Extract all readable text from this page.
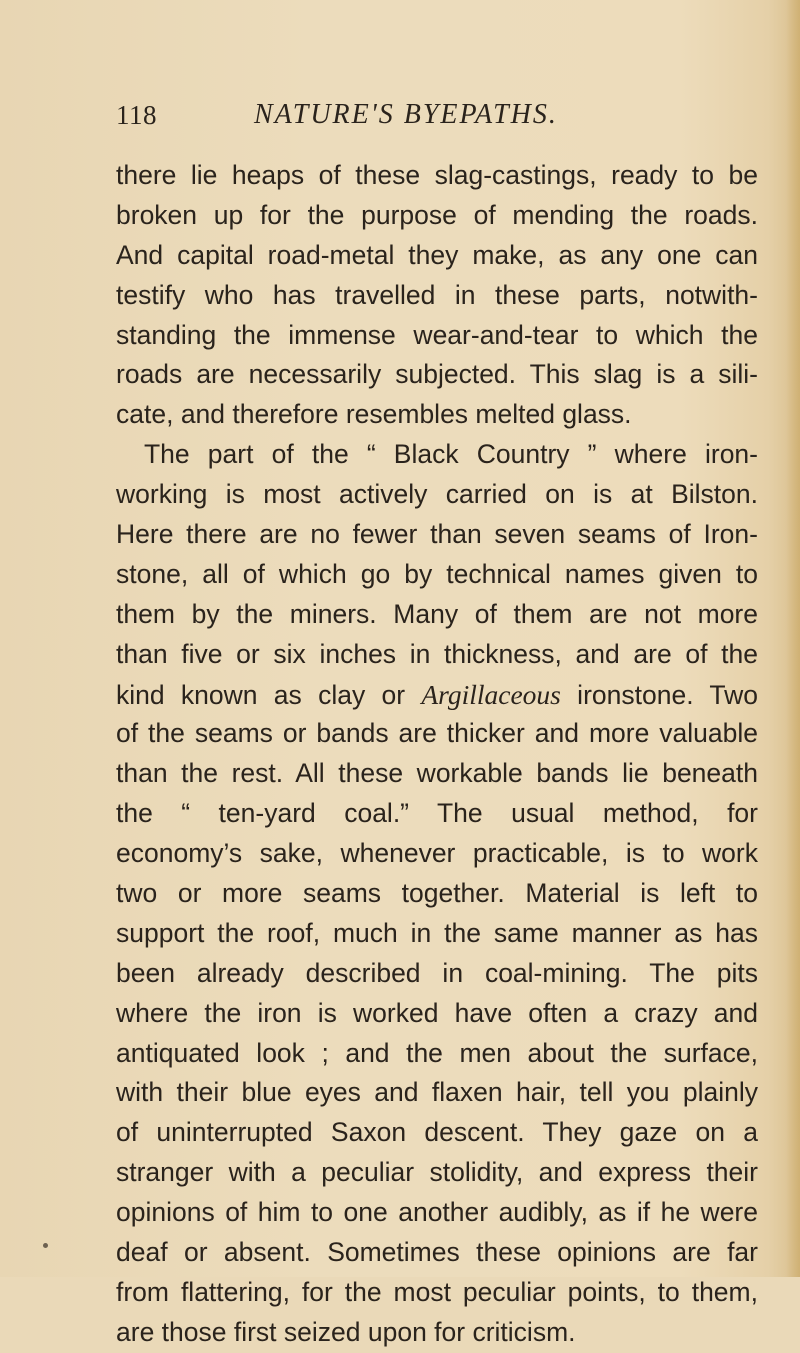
118	NATURE'S BYEPATHS.
there lie heaps of these slag-castings, ready to be
broken up for the purpose of mending the roads.
And capital road-metal they make, as any one can
testify who has travelled in these parts, notwith-
standing the immense wear-and-tear to which the
roads are necessarily subjected. This slag is a sili-
cate, and therefore resembles melted glass.
The part of the “ Black Country ” where iron-
working is most actively carried on is at Bilston.
Here there are no fewer than seven seams of Iron-
stone, all of which go by technical names given to
them by the miners. Many of them are not more
than five or six inches in thickness, and are of the
kind known as clay or Argillaceous ironstone. Two
of the seams or bands are thicker and more valuable
than the rest. All these workable bands lie beneath
the “ ten-yard coal.” The usual method, for
economy’s sake, whenever practicable, is to work
two or more seams together. Material is left to
support the roof, much in the same manner as has
been already described in coal-mining. The pits
where the iron is worked have often a crazy and
antiquated look ; and the men about the surface,
with their blue eyes and flaxen hair, tell you plainly
of uninterrupted Saxon descent. They gaze on a
stranger with a peculiar stolidity, and express their
opinions of him to one another audibly, as if he were
deaf or absent. Sometimes these opinions are far
from flattering, for the most peculiar points, to them,
are those first seized upon for criticism.
